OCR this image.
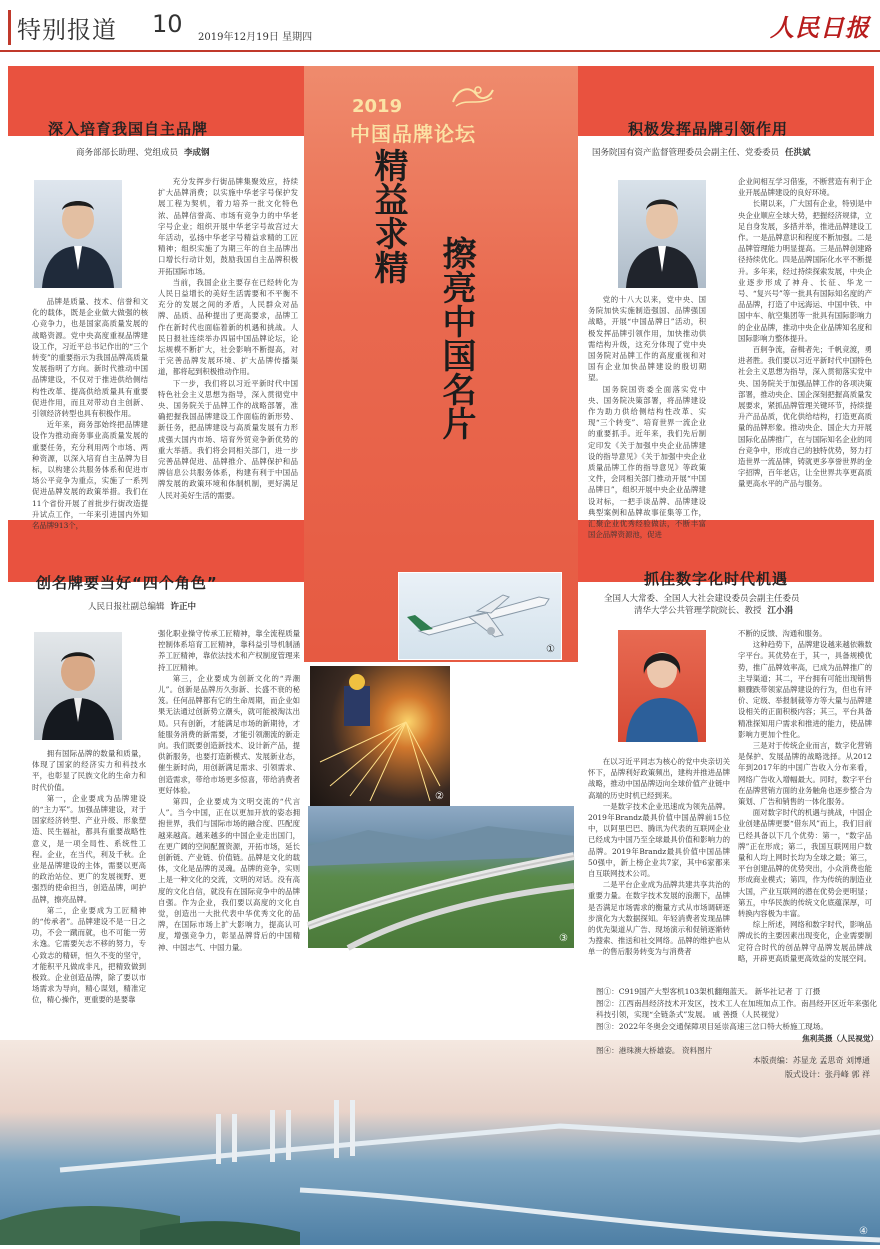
特别报道 10 2019年12月19日 星期四	人民日报
2019
中国品牌论坛
精益求精
擦亮中国名片
①
②
③
④
深入培育我国自主品牌
商务部部长助理、党组成员 李成钢

品牌是质量、技术、信誉和文化的载体，既是企业做大做强的核心竞争力，也是国家高质量发展的战略资源。党中央高度重视品牌建设工作，习近平总书记作出的“三个转变”的重要指示为我国品牌高质量发展指明了方向。新时代推动中国品牌建设，不仅对于推进供给侧结构性改革、提高供给质量具有重要促进作用，而且对带动自主创新、引领经济转型也具有积极作用。

近年来，商务部始终把品牌建设作为推动商务事业高质量发展的重要任务，充分利用两个市场、两种资源，以深入培育自主品牌为目标，以构建公共服务体系和促进市场公平竞争为重点，实施了一系列促进品牌发展的政策举措。我们在11个省份开展了首批步行街改造提升试点工作，一年来引进国内外知名品牌913个，

充分发挥步行街品牌集聚效应，持续扩大品牌消费；以实施中华老字号保护发展工程为契机，着力培养一批文化特色浓、品牌信誉高、市场有竞争力的中华老字号企业；组织开展中华老字号故宫过大年活动，弘扬中华老字号精益求精的工匠精神；组织实施了为期三年的自主品牌出口增长行动计划，鼓励我国自主品牌积极开拓国际市场。

当前，我国企业主要存在已经转化为人民日益增长的美好生活需要和不平衡不充分的发展之间的矛盾，人民群众对品牌、品质、品种提出了更高要求，品牌工作在新时代也面临着新的机遇和挑战。人民日报社连续举办四届中国品牌论坛，论坛规模不断扩大，社会影响不断提高，对于完善品牌发展环境、扩大品牌传播渠道，都将起到积极推动作用。

下一步，我们将以习近平新时代中国特色社会主义思想为指导，深入贯彻党中央、国务院关于品牌工作的战略部署，准确把握我国品牌建设工作面临的新形势、新任务，把品牌建设与高质量发展有力形成强大国内市场、培育外贸竞争新优势的重大举措。我们将会同相关部门，进一步完善品牌促进、品牌推介、品牌保护和品牌信息公共服务体系，构建有利于中国品牌发展的政策环境和体制机制，更好满足人民对美好生活的需要。

积极发挥品牌引领作用
国务院国有资产监督管理委员会副主任、党委委员 任洪斌

党的十八大以来，党中央、国务院加快实施制造强国、品牌强国战略，开展“中国品牌日”活动，积极发挥品牌引领作用，加快推动供需结构升级，这充分体现了党中央国务院对品牌工作的高度重视和对国有企业加快品牌建设的殷切期望。

国务院国资委全面落实党中央、国务院决策部署，将品牌建设作为助力供给侧结构性改革、实现“三个转变”、培育世界一流企业的重要抓手。近年来，我们先后制定印发《关于加强中央企业品牌建设的指导意见》《关于加强中央企业质量品牌工作的指导意见》等政策文件，会同相关部门推动开展“中国品牌日”，组织开展中央企业品牌建设对标，一把手谈品牌、品牌建设典型案例和品牌故事征集等工作，汇聚企业优秀经验做法，不断丰富国企品牌资源池，促进

企业间相互学习借鉴，不断营造有利于企业开展品牌建设的良好环境。

长期以来，广大国有企业，特别是中央企业顺应全球大势，把握经济规律，立足自身发展，多措并举，推进品牌建设工作。一是品牌意识和程度不断加强。二是品牌管理能力明显提高。三是品牌创建路径持续优化。四是品牌国际化水平不断提升。多年来，经过持续探索发展，中央企业逐步形成了神舟、长征、华龙一号、“复兴号”等一批具有国际知名度的产品品牌，打造了中远海运、中国中铁、中国中车、航空集团等一批具有国际影响力的企业品牌，推动中央企业品牌知名度和国际影响力整体提升。

百舸争流，奋楫者先；千帆竞渡，勇进者胜。我们要以习近平新时代中国特色社会主义思想为指导，深入贯彻落实党中央、国务院关于加强品牌工作的各项决策部署，推动央企、国企深刻把握高质量发展要求，紧抓品牌管理关键环节，持续提升产品品质，优化供给结构，打造更高质量的品牌形象。推动央企、国企大力开展国际化品牌推广，在与国际知名企业的同台竞争中，形成自己的独特优势，努力打造世界一流品牌，铸就更多享誉世界的金字招牌，百年老店，让全世界共享更高质量更高水平的产品与服务。

创名牌要当好“四个角色”
人民日报社副总编辑 许正中

拥有国际品牌的数量和质量，体现了国家的经济实力和科技水平，也彰显了民族文化的生命力和时代价值。

第一，企业要成为品牌建设的“主力军”。加强品牌建设，对于国家经济转型、产业升级、形象塑造、民生福祉，都具有重要战略性意义，是一项全局性、系统性工程。企业，在当代，利及千秋。企业是品牌建设的主体，需要以更高的政治站位、更广的发展视野、更强烈的使命担当，创造品牌，呵护品牌，擦亮品牌。

第二，企业要成为工匠精神的“传承者”。品牌建设不是一日之功，不会一蹴而就，也不可能一劳永逸。它需要矢志不移的努力，专心致志的精研，恒久不变的坚守，才能积平凡做成非凡，把精致做到极致。企业创造品牌，除了要以市场需求为导向，精心谋划，精准定位，精心操作，更重要的是要靠

强化职业操守传承工匠精神，靠全流程质量控制体系培育工匠精神，靠科益引导机制涵养工匠精神，靠依法技术和产权制度管理来持工匠精神。

第三，企业要成为创新文化的“弄潮儿”。创新是品牌历久弥新、长盛不衰的秘笈。任何品牌都有它的生命周期，而企业如果无法通过创新势立潮头，就可能被淘汰出局。只有创新，才能满足市场的新期待，才能服务消费的新需要，才能引领潮流的新走向。我们既要创造新技术、设计新产品，提供新服务，也要打造新模式、发展新业态，催生新时尚，用创新满足需求、引领需求、创造需求，带给市场更多惊喜，带给消费者更好体验。

第四，企业要成为文明交流的“代言人”。当今中国，正在以更加开放的姿态拥抱世界，我们与国际市场的融合度、匹配度越来越高。越来越多的中国企业走出国门，在更广阔的空间配置资源，开拓市场，延长创新链、产业链、价值链。品牌是文化的载体，文化是品牌的灵魂。品牌的竞争，实则上是一种文化的交流，文明的对话。没有高度的文化自信，就没有在国际竞争中的品牌自强。作为企业，我们要以高度的文化自觉，创造出一大批代表中华优秀文化的品牌，在国际市场上扩大影响力，提高认可度，增强竞争力，彰显品牌背后的中国精神、中国志气、中国力量。

抓住数字化时代机遇
全国人大常委、全国人大社会建设委员会副主任委员
清华大学公共管理学院院长、教授 江小涓

在以习近平同志为核心的党中央亲切关怀下，品牌利好政策频出，建构并推进品牌战略，推动中国品牌迈向全球价值产业链中高端的历史时机已经到来。

一是数字技术企业迅速成为领先品牌。2019年Brandz最具价值中国品牌前15位中，以阿里巴巴、腾讯为代表的互联网企业已经成为中国乃至全球最具价值和影响力的品牌。2019年Brandz最具价值中国品牌50强中，新上榜企业共7家，其中6家都来自互联网技术公司。

二是平台企业成为品牌共建共享共治的重要力量。在数字技术发展的浪潮下，品牌是否满足市场需求的衡量方式从市场调研逐步演化为大数据探知。年轻消费者发现品牌的优先渠道从广告、现场演示和促销逐渐转为搜索、推送和社交网络。品牌的维护也从单一的售后服务转变为与消费者

不断的反馈、沟通和服务。

这种趋势下，品牌建设越来越依赖数字平台。其优势在于，其一，具备规模优势，推广品牌效率高，已成为品牌推广的主导渠道；其二，平台拥有可能出现销售额骤跌带领家品牌建设的行为，但也有评价、定级、举报制裁等方等大量与品牌建设相关的正面积极内容；其三，平台具备精准探知用户需求和推进的能力，使品牌影响力更加个性化。

三是对于传统企业而言，数字化营销是保护、发展品牌的战略选择。从2012年到2017年的中国广告收入分布来看，网络广告收入增幅最大。同时，数字平台在品牌营销方面的业务触角也逐步整合为策划、广告和销售的一体化服务。

面对数字时代的机遇与挑战，中国企业创建品牌更要“借东风”而上，我们目前已经具备以下几个优势：第一，“数字品牌”正在形成；第二，我国互联网用户数量和人均上网时长均为全球之最；第三，平台创建品牌的优势突出，小众消费也能形成商业模式；第四，作为传统的制造业大国，产业互联网的潜在优势会更明显；第五，中华民族的传统文化底蕴深厚，可转换内容极为丰富。

综上所述，网络和数字时代，影响品牌成长的主要因素出现变化，企业需要制定符合时代的创品牌守品牌发展品牌战略，开辟更高质量更高效益的发展空间。

图①：C919国产大型客机103架机翻翔蓝天。 新华社记者 丁 汀摄
图②：江西南昌经济技术开发区，技术工人在加班加点工作。南昌经开区近年来强化科技引领，实现“全链条式”发展。 戚 善摄（人民视觉）
图③：2022年冬奥会交通保障项目延崇高速三岔口特大桥施工现场。
焦利英摄（人民视觉）
图④：港珠澳大桥雄姿。 资料图片
本版责编：苏显龙 孟思奇 刘博通
版式设计：张丹峰 郭 祥
